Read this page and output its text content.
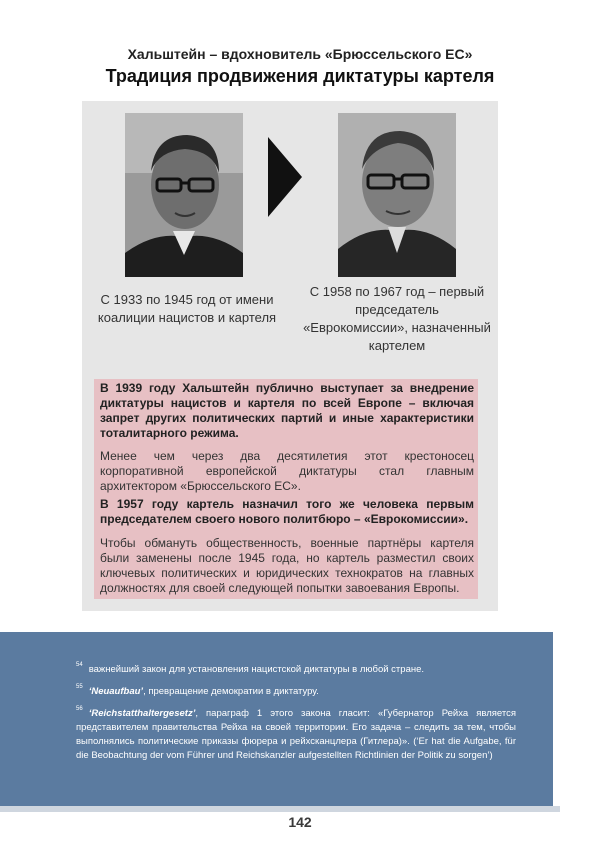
Хальштейн – вдохновитель «Брюссельского ЕС»
Традиция продвижения диктатуры картеля
С 1933 по 1945 год от имени коалиции нацистов и картеля
С 1958 по 1967 год – первый председатель «Еврокомиссии», назначенный картелем
В 1939 году Хальштейн публично выступает за внедрение диктатуры нацистов и картеля по всей Европе – включая запрет других политических партий и иные характеристики тоталитарного режима.
Менее чем через два десятилетия этот крестоносец корпоративной европейской диктатуры стал главным архитектором «Брюссельского ЕС».
В 1957 году картель назначил того же человека первым председателем своего нового политбюро – «Еврокомиссии».
Чтобы обмануть общественность, военные партнёры картеля были заменены после 1945 года, но картель разместил своих ключевых политических и юридических технократов на главных должностях для своей следующей попытки завоевания Европы.
$^{54}$ важнейший закон для установления нацистской диктатуры в любой стране.
$^{55}$ ‘Neuaufbau’, превращение демократии в диктатуру.
$^{56}$ ‘Reichstatthaltergesetz’, параграф 1 этого закона гласит: «Губернатор Рейха является представителем правительства Рейха на своей территории. Его задача – следить за тем, чтобы выполнялись политические приказы фюрера и рейхсканцлера (Гитлера)». (‘Er hat die Aufgabe, für die Beobachtung der vom Führer und Reichskanzler aufgestellten Richtlinien der Politik zu sorgen’)
142
